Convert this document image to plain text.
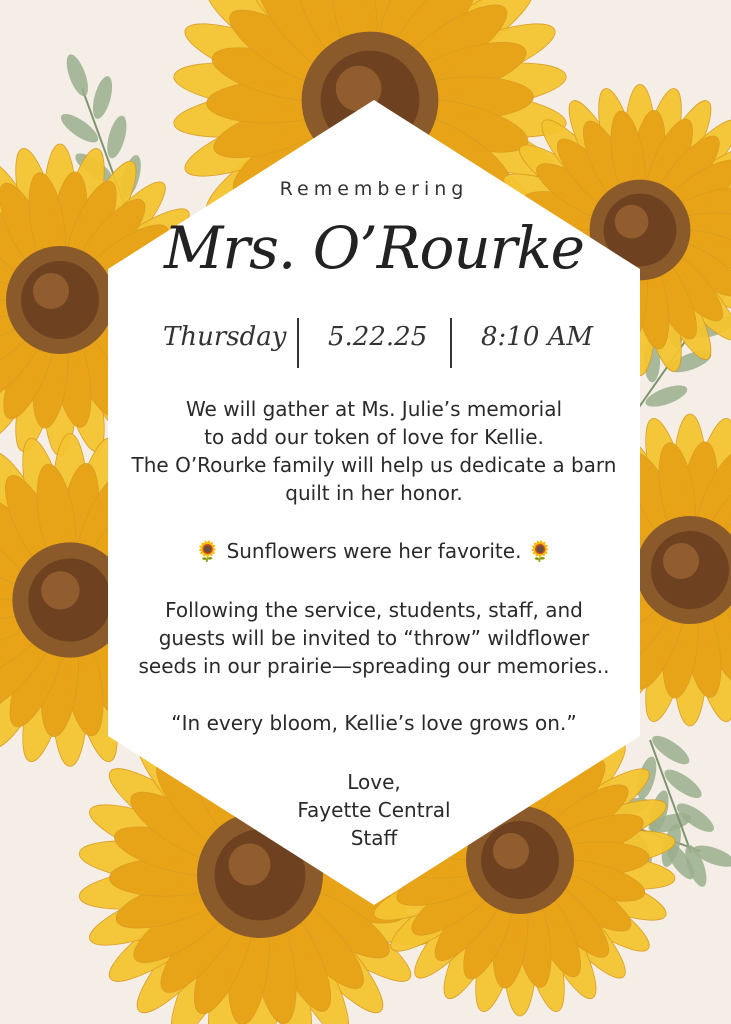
Remembering
Mrs. O’Rourke
Thursday 5.22.25 8:10 AM
We will gather at Ms. Julie’s memorial
to add our token of love for Kellie.
The O’Rourke family will help us dedicate a barn
quilt in her honor.
🌻 Sunflowers were her favorite. 🌻
Following the service, students, staff, and
guests will be invited to “throw” wildflower
seeds in our prairie—spreading our memories..
“In every bloom, Kellie’s love grows on.”
Love,
Fayette Central
Staff
